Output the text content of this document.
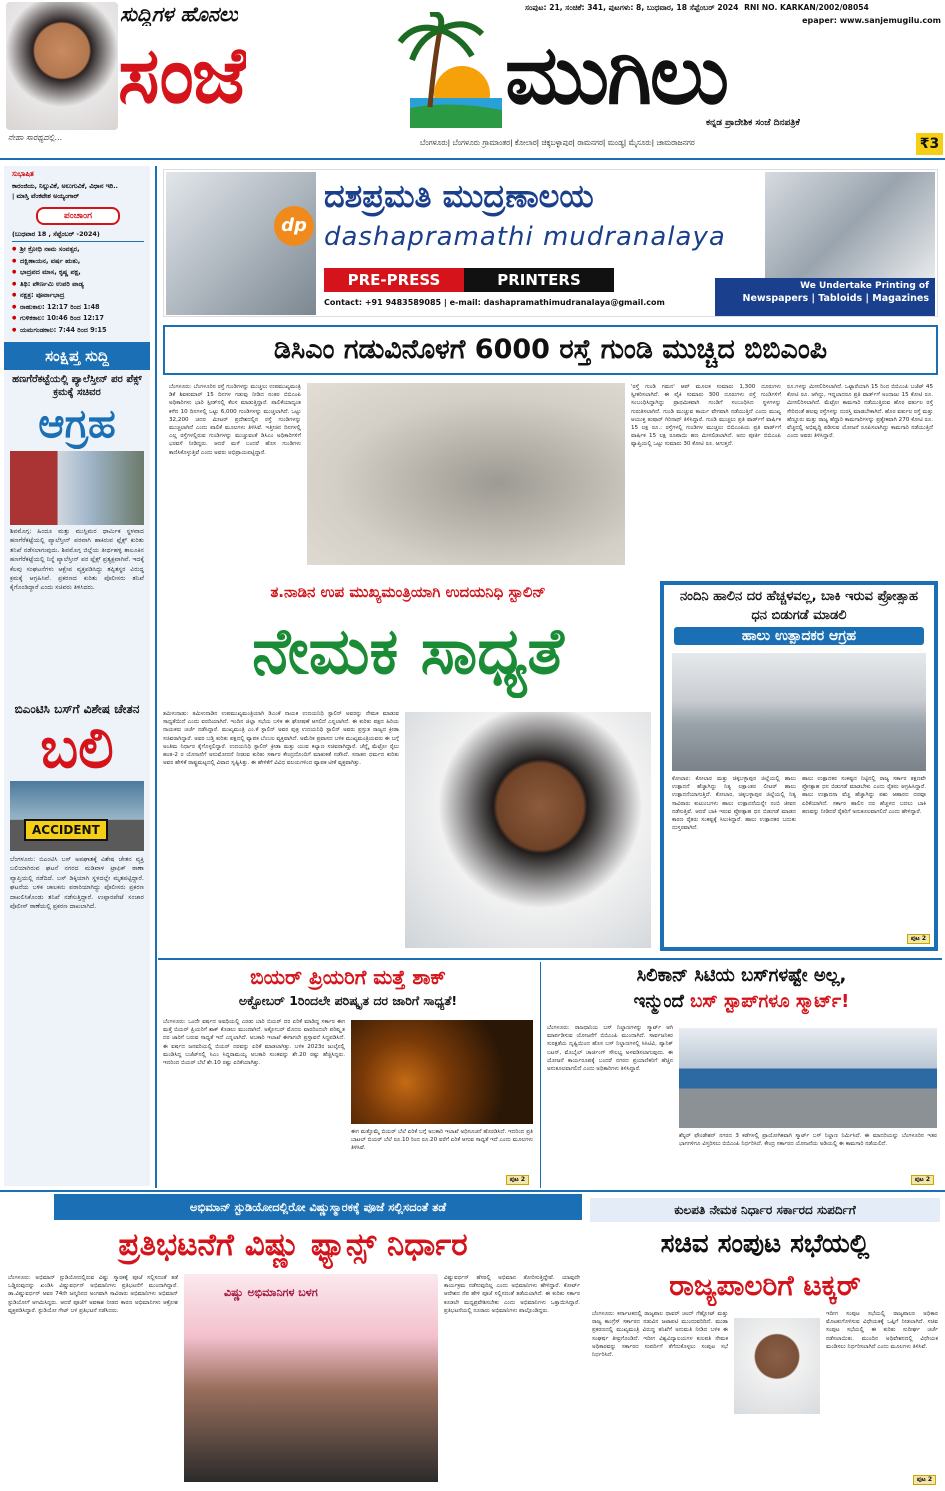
ನೇಹಾ ಸಾರಥ್ಯದಲ್ಲಿ...
ಸುದ್ದಿಗಳ ಹೊನಲು
ಸಂಜೆ	ಮುಗಿಲು
ಸಂಪುಟ: 21, ಸಂಚಿಕೆ: 341, ಪುಟಗಳು: 8, ಬುಧವಾರ, 18 ಸೆಪ್ಟೆಂಬರ್ 2024 RNI NO. KARKAN/2002/08054
epaper: www.sanjemugilu.com
ಕನ್ನಡ ಪ್ರಾದೇಶಿಕ ಸಂಜೆ ದಿನಪತ್ರಿಕೆ
ಬೆಂಗಳೂರು| ಬೆಂಗಳೂರು ಗ್ರಾಮಾಂತರ| ಕೋಲಾರ| ಚಿಕ್ಕಬಳ್ಳಾಪುರ| ರಾಮನಗರ| ಮಂಡ್ಯ| ಮೈಸೂರು| ಚಾಮರಾಜನಗರ	₹3
ಸುಭಾಷಿತ
ಕಾರಂಜಿಯ, ನಿಲ್ಲುವಿಕೆ, ಅಲುಗುವಿಕೆ, ವಿಧಾನ ಇರಿ..
| ಮಾಸ್ತಿ ವೆಂಕಟೇಶ ಅಯ್ಯಂಗಾರ್
ಪಂಚಾಂಗ
(ಬುಧವಾರ 18 , ಸೆಪ್ಟೆಂಬರ್ -2024)
● ಶ್ರೀ ಕ್ರೋಧಿ ನಾಮ ಸಂವತ್ಸರ,
● ದಕ್ಷಿಣಾಯನ, ವರ್ಷ ಋತು,
● ಭಾದ್ರಪದ ಮಾಸ, ಕೃಷ್ಣ ಪಕ್ಷ,
● ತಿಥಿ: ಪೌರ್ಣಮಿ ಉಪರಿ ಪಾಡ್ಯ
● ನಕ್ಷತ್ರ: ಪೂರ್ವಾಭಾದ್ರ
● ರಾಹುಕಾಲ: 12:17 ರಿಂದ 1:48
● ಗುಳಿಕಕಾಲ: 10:46 ರಿಂದ 12:17
● ಯಮಗಂಡಕಾಲ: 7:44 ರಿಂದ 9:15
ಸಂಕ್ಷಿಪ್ತ ಸುದ್ದಿ
ಹಣಗೆರೆಕಟ್ಟೆಯಲ್ಲಿ ಪ್ಯಾಲೆಸ್ತೀನ್ ಪರ ಪೆಕ್ಸ್ ಕ್ರಮಕ್ಕೆ ಸಚಿವರ
ಆಗ್ರಹ
ಶಿವಮೊಗ್ಗ: ಹಿಂದೂ ಮತ್ತು ಮುಸ್ಲಿಮರ ಧಾರ್ಮಿಕ ಸ್ಥಳವಾದ ಹಣಗೆರೆಕಟ್ಟೆಯಲ್ಲಿ ಪ್ಯಾಲೆಸ್ತೀನ್ ಪರವಾಗಿ ಹಾಕಿರುವ ಫ್ಲೆಕ್ಸ್ ಕುರಿತು ತನಿಖೆ ನಡೆಸಲಾಗುವುದು. ಶಿವಮೊಗ್ಗ ಜಿಲ್ಲೆಯ ತೀರ್ಥಹಳ್ಳಿ ತಾಲೂಕಿನ ಹಣಗೆರೆಕಟ್ಟೆಯಲ್ಲಿ ನಿನ್ನೆ ಪ್ಯಾಲೆಸ್ತೀನ್ ಪರ ಫ್ಲೆಕ್ಸ್ ಪ್ರತ್ಯಕ್ಷವಾಗಿವೆ. ಇದಕ್ಕೆ ಕೆಲವು ಸಂಘಟನೆಗಳು ಆಕ್ಷೇಪ ವ್ಯಕ್ತಪಡಿಸಿದ್ದು ತಪ್ಪಿತಸ್ಥರ ವಿರುದ್ಧ ಕ್ರಮಕ್ಕೆ ಆಗ್ರಹಿಸಿವೆ. ಪ್ರಕರಣದ ಕುರಿತು ಪೊಲೀಸರು ತನಿಖೆ ಕೈಗೊಂಡಿದ್ದಾರೆ ಎಂದು ಸಚಿವರು ತಿಳಿಸಿದರು.
ಬಿಎಂಟಿಸಿ ಬಸ್‌ಗೆ ವಿಶೇಷ ಚೇತನ
ಬಲಿ
ACCIDENT
ಬೆಂಗಳೂರು: ಬಿಎಂಟಿಸಿ ಬಸ್ ಅಪಘಾತಕ್ಕೆ ವಿಶೇಷ ಚೇತನ ವ್ಯಕ್ತಿ ಬಲಿಯಾಗಿರುವ ಘಟನೆ ನಗರದ ಮಡಿವಾಳ ಟ್ರಾಫಿಕ್ ಠಾಣಾ ವ್ಯಾಪ್ತಿಯಲ್ಲಿ ನಡೆದಿದೆ. ಬಸ್ ಡಿಕ್ಕಿಯಾಗಿ ಸ್ಥಳದಲ್ಲೇ ಮೃತಪಟ್ಟಿದ್ದಾರೆ. ಘಟನೆಯ ಬಳಿಕ ಚಾಲಕನು ಪರಾರಿಯಾಗಿದ್ದು ಪೊಲೀಸರು ಪ್ರಕರಣ ದಾಖಲಿಸಿಕೊಂಡು ತನಿಖೆ ನಡೆಸುತ್ತಿದ್ದಾರೆ. ಉಪ್ಪಾರಪೇಟೆ ಸಂಚಾರ ಪೊಲೀಸ್ ಠಾಣೆಯಲ್ಲಿ ಪ್ರಕರಣ ದಾಖಲಾಗಿದೆ.
dp
ದಶಪ್ರಮತಿ ಮುದ್ರಣಾಲಯ
dashapramathi mudranalaya
PRE-PRESS	PRINTERS
Contact: +91 9483589085 | e-mail: dashapramathimudranalaya@gmail.com
We Undertake Printing of
Newspapers | Tabloids | Magazines
ಡಿಸಿಎಂ ಗಡುವಿನೊಳಗೆ 6000 ರಸ್ತೆ ಗುಂಡಿ ಮುಚ್ಚಿದ ಬಿಬಿಎಂಪಿ
ಬೆಂಗಳೂರು: ಬೆಂಗಳೂರಿನ ರಸ್ತೆ ಗುಂಡಿಗಳನ್ನು ಮುಚ್ಚಲು ಉಪಮುಖ್ಯಮಂತ್ರಿ ಡಿಕೆ ಶಿವಕುಮಾರ್ 15 ದಿನಗಳ ಗಡುವು ನೀಡಿದ ನಂತರ ಬಿಬಿಎಂಪಿ ಅಧಿಕಾರಿಗಳು ಭಾರಿ ಸ್ಪೀಡ್‌ನಲ್ಲಿ ಕೆಲಸ ಮಾಡುತ್ತಿದ್ದಾರೆ. ಪಾಲಿಕೆಯಾದ್ಯಂತ ಕಳೆದ 10 ದಿನಗಳಲ್ಲಿ ಒಟ್ಟು 6,000 ಗುಂಡಿಗಳನ್ನು ಮುಚ್ಚಲಾಗಿದೆ. ಒಟ್ಟು 32,200 ಚದರ ಮೀಟರ್ ಪ್ರದೇಶದಲ್ಲಿನ ರಸ್ತೆ ಗುಂಡಿಗಳನ್ನು ಮುಚ್ಚಲಾಗಿದೆ ಎಂದು ಪಾಲಿಕೆ ಮೂಲಗಳು ತಿಳಿಸಿವೆ. ಇತ್ತೀಚಿನ ದಿನಗಳಲ್ಲಿ ಎಲ್ಲ ರಸ್ತೆಗಳಲ್ಲಿರುವ ಗುಂಡಿಗಳನ್ನು ಮುಚ್ಚುವಂತೆ ಡಿಸಿಎಂ ಅಧಿಕಾರಿಗಳಿಗೆ ಭರವಸೆ ನೀಡಿದ್ದರು. ಆದರೆ ಮಳೆ ಬಂದರೆ ಹೊಸ ಗುಂಡಿಗಳು ಕಾಣಿಸಿಕೊಳ್ಳುತ್ತಿವೆ ಎಂದು ಅವರು ಅಭಿಪ್ರಾಯಪಟ್ಟಿದ್ದಾರೆ.
'ರಸ್ತೆ ಗುಂಡಿ ಗಮನ' ಆಪ್ ಮೂಲಕ ಸುಮಾರು 1,300 ದೂರುಗಳು ಸ್ವೀಕರಿಸಲಾಗಿದೆ. ಈ ಪೈಕಿ ಸುಮಾರು 300 ದೂರುಗಳು ರಸ್ತೆ ಗುಂಡಿಗಳಿಗೆ ಸಂಬಂಧಿಸಿದ್ದಾಗಿದ್ದು ಪ್ರಾಥಮಿಕವಾಗಿ ಗುಂಡಿಗೆ ಸಂಬಂಧಿಸಿದ ಸ್ಥಳಗಳನ್ನು ಗುರುತಿಸಲಾಗಿದೆ. ಗುಂಡಿ ಮುಚ್ಚುವ ಕಾರ್ಯ ವೇಗವಾಗಿ ನಡೆಯುತ್ತಿದೆ ಎಂದು ಮುಖ್ಯ ಆಯುಕ್ತ ತುಷಾರ್ ಗಿರಿನಾಥ್ ತಿಳಿಸಿದ್ದಾರೆ. ಗುಂಡಿ ಮುಚ್ಚಲು ಪ್ರತಿ ವಾರ್ಡ್‌ಗೆ ವಾರ್ಷಿಕ 15 ಲಕ್ಷ ರೂ.: ರಸ್ತೆಗಳಲ್ಲಿ ಗುಂಡಿಗಳ ಮುಚ್ಚಲು ಬಿಬಿಎಂಪಿಯ ಪ್ರತಿ ವಾರ್ಡ್‌ಗೆ ವಾರ್ಷಿಕ 15 ಲಕ್ಷ ರೂಪಾಯಿ ಹಣ ಮೀಸಲಿಡಲಾಗಿದೆ. ಅದು ಪೂರ್ತಿ ಬಿಬಿಎಂಪಿ ವ್ಯಾಪ್ತಿಯಲ್ಲಿ ಒಟ್ಟು ಸುಮಾರು 30 ಕೋಟಿ ರೂ. ಆಗುತ್ತದೆ.
ರೂ.ಗಳನ್ನು ಮೀಸಲಿರಿಸಲಾಗಿದೆ. ಒಟ್ಟಾರೆಯಾಗಿ 15 ರಿಂದ ಬಿಬಿಎಂಪಿ ಬಜೆಟ್ 45 ಕೋಟಿ ರೂ. ಆಗಿದ್ದು, ಇದ್ದಲಾದರೂ ಪ್ರತಿ ವಾರ್ಡ್‌ಗೆ ಅಂದಾಜು 15 ಕೋಟಿ ರೂ. ಮೀಸಲಿರಿಸಲಾಗಿದೆ. ಮೆಟ್ರೋ ಕಾಮಗಾರಿ ನಡೆಯುತ್ತಿರುವ ಹೊರ ವರ್ತುಲ ರಸ್ತೆ ಸೇರಿದಂತೆ ಹಲವು ರಸ್ತೆಗಳನ್ನು ದುರಸ್ತಿ ಮಾಡಬೇಕಾಗಿದೆ. ಹೊರ ವರ್ತುಲ ರಸ್ತೆ ಮತ್ತು ಹೆಣ್ಣೂರು ಮತ್ತು ರಾಜ್ಯ ಹೆದ್ದಾರಿ ಕಾಮಗಾರಿಗಳನ್ನು ಪ್ರತ್ಯೇಕವಾಗಿ 270 ಕೋಟಿ ರೂ. ವೆಚ್ಚದಲ್ಲಿ ಅಭಿವೃದ್ಧಿ ಪಡಿಸುವ ಯೋಜನೆ ರೂಪಿಸಲಾಗಿದ್ದು ಕಾಮಗಾರಿ ನಡೆಯುತ್ತಿದೆ ಎಂದು ಅವರು ತಿಳಿಸಿದ್ದಾರೆ.
ತ.ನಾಡಿನ ಉಪ ಮುಖ್ಯಮಂತ್ರಿಯಾಗಿ ಉದಯನಿಧಿ ಸ್ಟಾಲಿನ್
ನೇಮಕ ಸಾಧ್ಯತೆ
ತಮಿಳುನಾಡು: ತಮಿಳುನಾಡಿನ ಉಪಮುಖ್ಯಮಂತ್ರಿಯಾಗಿ ಡಿಎಂಕೆ ನಾಯಕ ಉದಯನಿಧಿ ಸ್ಟಾಲಿನ್ ಅವರನ್ನು ನೇಮಕ ಮಾಡುವ ಸಾಧ್ಯತೆಯಿದೆ ಎಂದು ವರದಿಯಾಗಿದೆ. ಇಂದಿನ ಜಿಲ್ಲಾ ಸಭೆಯ ಬಳಿಕ ಈ ಘೋಷಣೆ ಆಗಲಿದೆ ಎನ್ನಲಾಗಿದೆ. ಈ ಕುರಿತು ಪಕ್ಷದ ಹಿರಿಯ ನಾಯಕರು ಚರ್ಚೆ ನಡೆಸಿದ್ದಾರೆ. ಮುಖ್ಯಮಂತ್ರಿ ಎಂ.ಕೆ ಸ್ಟಾಲಿನ್ ಅವರ ಪುತ್ರ ಉದಯನಿಧಿ ಸ್ಟಾಲಿನ್ ಅವರು ಪ್ರಸ್ತುತ ರಾಜ್ಯದ ಕ್ರೀಡಾ ಸಚಿವರಾಗಿದ್ದಾರೆ. ಅವರ ಬಡ್ತಿ ಕುರಿತು ಪಕ್ಷದಲ್ಲಿ ವ್ಯಾಪಕ ಬೆಂಬಲ ವ್ಯಕ್ತವಾಗಿದೆ. ಅಮೆರಿಕ ಪ್ರವಾಸದ ಬಳಿಕ ಮುಖ್ಯಮಂತ್ರಿಯವರು ಈ ಬಗ್ಗೆ ಅಂತಿಮ ನಿರ್ಧಾರ ಕೈಗೊಳ್ಳಲಿದ್ದಾರೆ. ಉದಯನಿಧಿ ಸ್ಟಾಲಿನ್ ಕ್ರೀಡಾ ಮತ್ತು ಯುವ ಕಲ್ಯಾಣ ಸಚಿವರಾಗಿದ್ದಾರೆ. ಚೆನ್ನೈ ಮೆಟ್ರೋ ರೈಲು ಹಂತ-2 ರ ಯೋಜನೆಗೆ ಅನುಮೋದನೆ ನೀಡುವ ಕುರಿತು ಸರ್ಕಾರ ಕೇಂದ್ರದೊಂದಿಗೆ ಮಾತುಕತೆ ನಡೆಸಿದೆ. ಸನಾತನ ಧರ್ಮದ ಕುರಿತು ಅವರ ಹೇಳಿಕೆ ರಾಷ್ಟ್ರಮಟ್ಟದಲ್ಲಿ ವಿವಾದ ಸೃಷ್ಟಿಸಿತ್ತು. ಈ ಹೇಳಿಕೆಗೆ ವಿವಿಧ ವಲಯಗಳಿಂದ ವ್ಯಾಪಕ ಟೀಕೆ ವ್ಯಕ್ತವಾಗಿತ್ತು.
ನಂದಿನಿ ಹಾಲಿನ ದರ ಹೆಚ್ಚಳವಲ್ಲ, ಬಾಕಿ ಇರುವ ಪ್ರೋತ್ಸಾಹ ಧನ ಬಿಡುಗಡೆ ಮಾಡಲಿ
ಹಾಲು ಉತ್ಪಾದಕರ ಆಗ್ರಹ
ಕೋಲಾರ: ಕೋಲಾರ ಮತ್ತು ಚಿಕ್ಕಬಳ್ಳಾಪುರ ಜಿಲ್ಲೆಯಲ್ಲಿ ಹಾಲು ಉತ್ಪಾದನೆ ಹೆಚ್ಚಾಗಿದ್ದು ನಿತ್ಯ ಲಕ್ಷಾಂತರ ಲೀಟರ್ ಹಾಲು ಉತ್ಪಾದನೆಯಾಗುತ್ತಿದೆ. ಕೋಲಾರ, ಚಿಕ್ಕಬಳ್ಳಾಪುರ ಜಿಲ್ಲೆಯಲ್ಲಿ ನಿತ್ಯ ಸಾವಿರಾರು ಕುಟುಂಬಗಳು ಹಾಲು ಉತ್ಪಾದನೆಯನ್ನೇ ನಂಬಿ ಜೀವನ ನಡೆಸುತ್ತಿವೆ. ಆದರೆ ಬಾಕಿ ಇರುವ ಪ್ರೋತ್ಸಾಹ ಧನ ಬಿಡುಗಡೆ ಮಾಡದ ಕಾರಣ ರೈತರು ಸಂಕಷ್ಟಕ್ಕೆ ಸಿಲುಕಿದ್ದಾರೆ. ಹಾಲು ಉತ್ಪಾದಕರ ಬದುಕು ದುಸ್ತರವಾಗಿದೆ.
ಹಾಲು ಉತ್ಪಾದಕರ ಸಂಕಷ್ಟದ ನಿಟ್ಟಿನಲ್ಲಿ ರಾಜ್ಯ ಸರ್ಕಾರ ತಕ್ಷಣವೇ ಪ್ರೋತ್ಸಾಹ ಧನ ಬಿಡುಗಡೆ ಮಾಡಬೇಕು ಎಂದು ರೈತರು ಆಗ್ರಹಿಸಿದ್ದಾರೆ. ಹಾಲು ಉತ್ಪಾದನಾ ವೆಚ್ಚ ಹೆಚ್ಚಾಗಿದ್ದು ಪಶು ಆಹಾರದ ದರವೂ ಏರಿಕೆಯಾಗಿದೆ. ಸರ್ಕಾರ ಹಾಲಿನ ದರ ಹೆಚ್ಚಳದ ಬದಲು ಬಾಕಿ ಹಣವನ್ನು ನೀಡಿದರೆ ರೈತರಿಗೆ ಅನುಕೂಲವಾಗಲಿದೆ ಎಂದು ಹೇಳಿದ್ದಾರೆ.
ಪುಟ 2
ಬಿಯರ್ ಪ್ರಿಯರಿಗೆ ಮತ್ತೆ ಶಾಕ್
ಅಕ್ಟೋಬರ್ 1ರಿಂದಲೇ ಪರಿಷ್ಕೃತ ದರ ಜಾರಿಗೆ ಸಾಧ್ಯತೆ!
ಬೆಂಗಳೂರು: ಒಂದೇ ವರ್ಷದ ಅವಧಿಯಲ್ಲಿ ಎರಡು ಬಾರಿ ಬಿಯರ್ ದರ ಏರಿಕೆ ಮಾಡಿದ್ದ ಸರ್ಕಾರ ಈಗ ಮತ್ತೆ ಬಿಯರ್ ಪ್ರಿಯರಿಗೆ ಶಾಕ್ ಕೊಡಲು ಮುಂದಾಗಿದೆ. ಅಕ್ಟೋಬರ್ ಮೊದಲ ವಾರದಿಂದಲೇ ಪರಿಷ್ಕೃತ ದರ ಜಾರಿಗೆ ಬರುವ ಸಾಧ್ಯತೆ ಇದೆ ಎನ್ನಲಾಗಿದೆ. ಅಬಕಾರಿ ಇಲಾಖೆ ಈಗಾಗಲೇ ಪ್ರಸ್ತಾವನೆ ಸಿದ್ಧಪಡಿಸಿದೆ. ಈ ವರ್ಷದ ಜನವರಿಯಲ್ಲಿ ಬಿಯರ್ ದರವನ್ನು ಏರಿಕೆ ಮಾಡಲಾಗಿತ್ತು. ಬಳಿಕ 2023ರ ಜುಲೈನಲ್ಲಿ ಮಂಡಿಸಿದ್ದ ಬಜೆಟ್‌ನಲ್ಲಿ ಸಿಎಂ ಸಿದ್ದರಾಮಯ್ಯ ಅಬಕಾರಿ ಸುಂಕವನ್ನು ಶೇ.20 ರಷ್ಟು ಹೆಚ್ಚಿಸಿದ್ದರು. ಇದರಿಂದ ಬಿಯರ್ ಬೆಲೆ ಶೇ.10 ರಷ್ಟು ಏರಿಕೆಯಾಗಿತ್ತು.
ಈಗ ಮತ್ತೊಮ್ಮೆ ಬಿಯರ್ ಬೆಲೆ ಏರಿಕೆ ಬಗ್ಗೆ ಅಬಕಾರಿ ಇಲಾಖೆ ಅಧಿಸೂಚನೆ ಹೊರಡಿಸಿದೆ. ಇದರಿಂದ ಪ್ರತಿ ಬಾಟಲ್ ಬಿಯರ್ ಬೆಲೆ ರೂ.10 ರಿಂದ ರೂ.20 ವರೆಗೆ ಏರಿಕೆ ಆಗುವ ಸಾಧ್ಯತೆ ಇದೆ ಎಂದು ಮೂಲಗಳು ತಿಳಿಸಿವೆ.
ಪುಟ 2
ಸಿಲಿಕಾನ್ ಸಿಟಿಯ ಬಸ್‌ಗಳಷ್ಟೇ ಅಲ್ಲ,
ಇನ್ಮುಂದೆ ಬಸ್ ಸ್ಟಾಪ್‌ಗಳೂ ಸ್ಮಾರ್ಟ್!
ಬೆಂಗಳೂರು: ರಾಜಧಾನಿಯ ಬಸ್ ನಿಲ್ದಾಣಗಳನ್ನು ಸ್ಮಾರ್ಟ್ ಆಗಿ ಮಾರ್ಪಡಿಸುವ ಯೋಜನೆಗೆ ಬಿಬಿಎಂಪಿ ಮುಂದಾಗಿದೆ. ಸಾರ್ವಜನಿಕರ ಸುರಕ್ಷತೆಯ ದೃಷ್ಟಿಯಿಂದ ಹೊಸ ಬಸ್ ನಿಲ್ದಾಣಗಳಲ್ಲಿ ಸಿಸಿಟಿವಿ, ಪ್ಯಾನಿಕ್ ಬಟನ್, ಮೊಬೈಲ್ ಚಾರ್ಜಿಂಗ್ ಸೌಲಭ್ಯ ಅಳವಡಿಸಲಾಗುವುದು. ಈ ಯೋಜನೆ ಕಾರ್ಯರೂಪಕ್ಕೆ ಬಂದರೆ ನಗರದ ಪ್ರಯಾಣಿಕರಿಗೆ ಹೆಚ್ಚಿನ ಅನುಕೂಲವಾಗಲಿದೆ ಎಂದು ಅಧಿಕಾರಿಗಳು ತಿಳಿಸಿದ್ದಾರೆ.
ಶೆಲ್ಟರ್ ಫೌಂಡೇಶನ್ ನಗರದ 3 ಕಡೆಗಳಲ್ಲಿ ಪ್ರಾಯೋಗಿಕವಾಗಿ ಸ್ಮಾರ್ಟ್ ಬಸ್ ನಿಲ್ದಾಣ ನಿರ್ಮಿಸಿದೆ. ಈ ಮಾದರಿಯನ್ನು ಬೆಂಗಳೂರಿನ ಇತರ ಭಾಗಗಳಿಗೂ ವಿಸ್ತರಿಸಲು ಬಿಬಿಎಂಪಿ ನಿರ್ಧರಿಸಿದೆ. ಕೇಂದ್ರ ಸರ್ಕಾರದ ಯೋಜನೆಯ ಅಡಿಯಲ್ಲಿ ಈ ಕಾಮಗಾರಿ ನಡೆಯಲಿದೆ.
ಪುಟ 2
ಅಭಿಮಾನ್ ಸ್ಟುಡಿಯೋದಲ್ಲಿರೋ ವಿಷ್ಣುಸ್ಮಾರಕಕ್ಕೆ ಪೂಜೆ ಸಲ್ಲಿಸದಂತೆ ತಡೆ
ಪ್ರತಿಭಟನೆಗೆ ವಿಷ್ಣು ಫ್ಯಾನ್ಸ್ ನಿರ್ಧಾರ
ಬೆಂಗಳೂರು: ಅಭಿಮಾನ್ ಸ್ಟುಡಿಯೋದಲ್ಲಿರುವ ವಿಷ್ಣು ಸ್ಮಾರಕಕ್ಕೆ ಪೂಜೆ ಸಲ್ಲಿಸದಂತೆ ತಡೆ ಒಡ್ಡಿರುವುದನ್ನು ಖಂಡಿಸಿ ವಿಷ್ಣುವರ್ಧನ್ ಅಭಿಮಾನಿಗಳು ಪ್ರತಿಭಟನೆಗೆ ಮುಂದಾಗಿದ್ದಾರೆ. ಡಾ.ವಿಷ್ಣುವರ್ಧನ್ ಅವರ 74ನೇ ಜನ್ಮದಿನದ ಅಂಗವಾಗಿ ಸಾವಿರಾರು ಅಭಿಮಾನಿಗಳು ಅಭಿಮಾನ್ ಸ್ಟುಡಿಯೋಗೆ ಆಗಮಿಸಿದ್ದರು. ಆದರೆ ಪೂಜೆಗೆ ಅವಕಾಶ ನೀಡದ ಕಾರಣ ಅಭಿಮಾನಿಗಳು ಆಕ್ರೋಶ ವ್ಯಕ್ತಪಡಿಸಿದ್ದಾರೆ. ಸ್ಟುಡಿಯೋ ಗೇಟ್ ಬಳಿ ಪ್ರತಿಭಟನೆ ನಡೆಸಿದರು.
ವಿಷ್ಣು ಅಭಿಮಾನಿಗಳ ಬಳಗ
ವಿಷ್ಣುವರ್ಧನ್ ಹೆಸರಲ್ಲಿ ಅಭಿಮಾನ ತೋರಿಸುತ್ತಿದ್ದೇವೆ. ಯಾವುದೇ ಕಾರ್ಯಕ್ರಮ ನಡೆಸುವುದಿಲ್ಲ ಎಂದು ಅಭಿಮಾನಿಗಳು ಹೇಳಿದ್ದಾರೆ. ಕೋರ್ಟ್ ಆದೇಶದ ನೆಪ ಹೇಳಿ ಪೂಜೆ ಸಲ್ಲಿಸದಂತೆ ತಡೆಯಲಾಗಿದೆ. ಈ ಕುರಿತು ಸರ್ಕಾರ ಕೂಡಲೇ ಮಧ್ಯಪ್ರವೇಶಿಸಬೇಕು ಎಂದು ಅಭಿಮಾನಿಗಳು ಒತ್ತಾಯಿಸಿದ್ದಾರೆ. ಪ್ರತಿಭಟನೆಯಲ್ಲಿ ನೂರಾರು ಅಭಿಮಾನಿಗಳು ಪಾಲ್ಗೊಂಡಿದ್ದರು.
ಕುಲಪತಿ ನೇಮಕ ನಿರ್ಧಾರ ಸರ್ಕಾರದ ಸುಪರ್ದಿಗೆ
ಸಚಿವ ಸಂಪುಟ ಸಭೆಯಲ್ಲಿ
ರಾಜ್ಯಪಾಲರಿಗೆ ಟಕ್ಕರ್
ಬೆಂಗಳೂರು: ಕರ್ನಾಟಕದಲ್ಲಿ ರಾಜ್ಯಪಾಲ ಥಾವರ್ ಚಂದ್ ಗೆಹ್ಲೋಟ್ ಮತ್ತು ರಾಜ್ಯ ಕಾಂಗ್ರೆಸ್ ಸರ್ಕಾರದ ನಡುವಿನ ಜಟಾಪಟಿ ಮುಂದುವರಿದಿದೆ. ಮುಡಾ ಪ್ರಕರಣದಲ್ಲಿ ಮುಖ್ಯಮಂತ್ರಿ ವಿರುದ್ಧ ತನಿಖೆಗೆ ಅನುಮತಿ ನೀಡಿದ ಬಳಿಕ ಈ ಸಂಘರ್ಷ ತೀವ್ರಗೊಂಡಿದೆ. ಇದೀಗ ವಿಶ್ವವಿದ್ಯಾಲಯಗಳ ಕುಲಪತಿ ನೇಮಕ ಅಧಿಕಾರವನ್ನು ಸರ್ಕಾರದ ಸುಪರ್ದಿಗೆ ತೆಗೆದುಕೊಳ್ಳಲು ಸಂಪುಟ ಸಭೆ ನಿರ್ಧರಿಸಿದೆ.
ಇದೀಗ ಸಂಪುಟ ಸಭೆಯಲ್ಲಿ ರಾಜ್ಯಪಾಲರ ಅಧಿಕಾರ ಮೊಟಕುಗೊಳಿಸುವ ವಿಧೇಯಕಕ್ಕೆ ಒಪ್ಪಿಗೆ ನೀಡಲಾಗಿದೆ. ಸಚಿವ ಸಂಪುಟ ಸಭೆಯಲ್ಲಿ ಈ ಕುರಿತು ಸುದೀರ್ಘ ಚರ್ಚೆ ನಡೆಸಲಾಯಿತು. ಮುಂದಿನ ಅಧಿವೇಶನದಲ್ಲಿ ವಿಧೇಯಕ ಮಂಡಿಸಲು ನಿರ್ಧರಿಸಲಾಗಿದೆ ಎಂದು ಮೂಲಗಳು ತಿಳಿಸಿವೆ.
ಪುಟ 2
